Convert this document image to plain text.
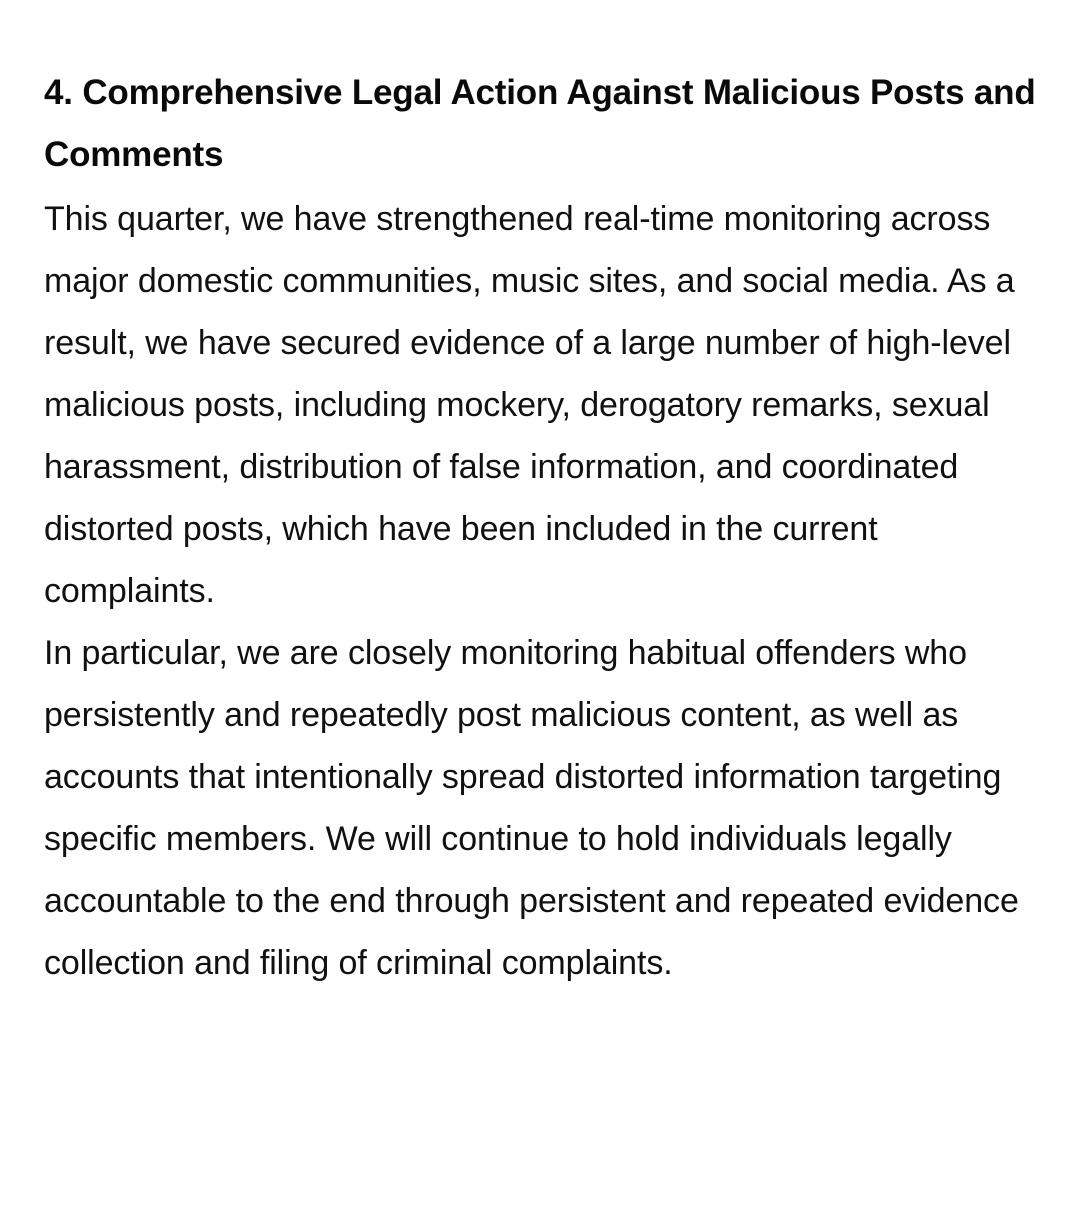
4. Comprehensive Legal Action Against Malicious Posts and Comments

This quarter, we have strengthened real-time monitoring across major domestic communities, music sites, and social media. As a result, we have secured evidence of a large number of high-level malicious posts, including mockery, derogatory remarks, sexual harassment, distribution of false information, and coordinated distorted posts, which have been included in the current complaints.

In particular, we are closely monitoring habitual offenders who persistently and repeatedly post malicious content, as well as accounts that intentionally spread distorted information targeting specific members. We will continue to hold individuals legally accountable to the end through persistent and repeated evidence collection and filing of criminal complaints.
